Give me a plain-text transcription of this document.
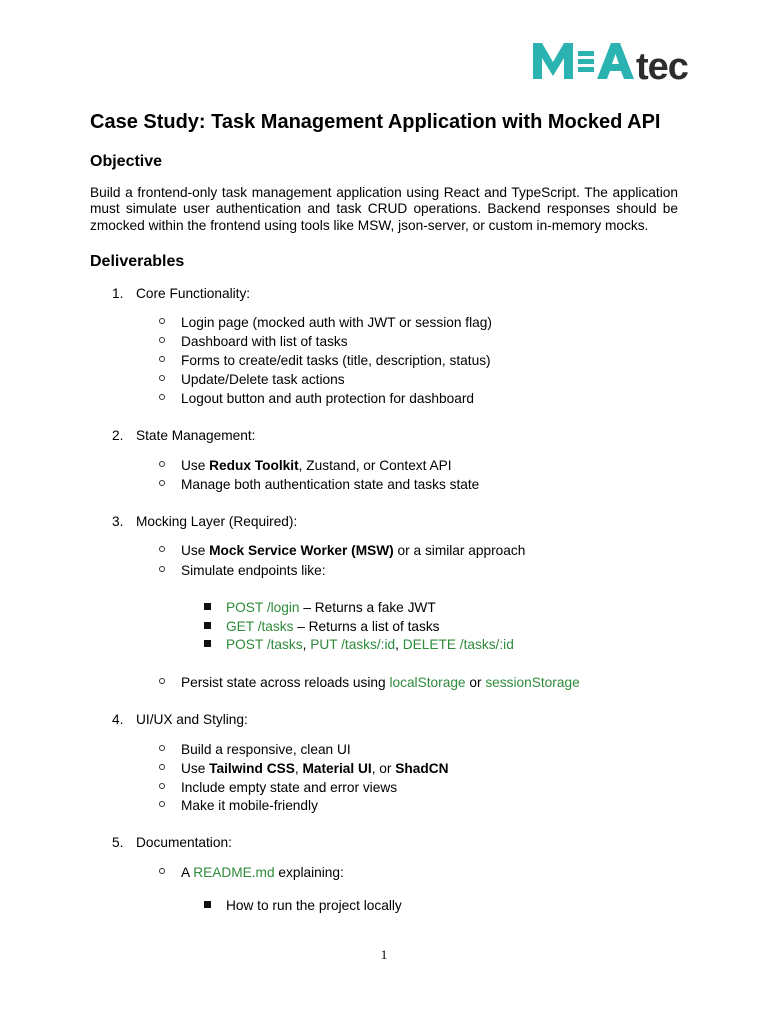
tec
Case Study: Task Management Application with Mocked API
Objective

Build a frontend-only task management application using React and TypeScript. The application must simulate user authentication and task CRUD operations. Backend responses should be zmocked within the frontend using tools like MSW, json-server, or custom in-memory mocks.

Deliverables
1. Core Functionality:
Login page (mocked auth with JWT or session flag)
Dashboard with list of tasks
Forms to create/edit tasks (title, description, status)
Update/Delete task actions
Logout button and auth protection for dashboard
2. State Management:
Use Redux Toolkit, Zustand, or Context API
Manage both authentication state and tasks state
3. Mocking Layer (Required):
Use Mock Service Worker (MSW) or a similar approach
Simulate endpoints like:
POST /login – Returns a fake JWT
GET /tasks – Returns a list of tasks
POST /tasks, PUT /tasks/:id, DELETE /tasks/:id
Persist state across reloads using localStorage or sessionStorage
4. UI/UX and Styling:
Build a responsive, clean UI
Use Tailwind CSS, Material UI, or ShadCN
Include empty state and error views
Make it mobile-friendly
5. Documentation:
A README.md explaining:
How to run the project locally
1
